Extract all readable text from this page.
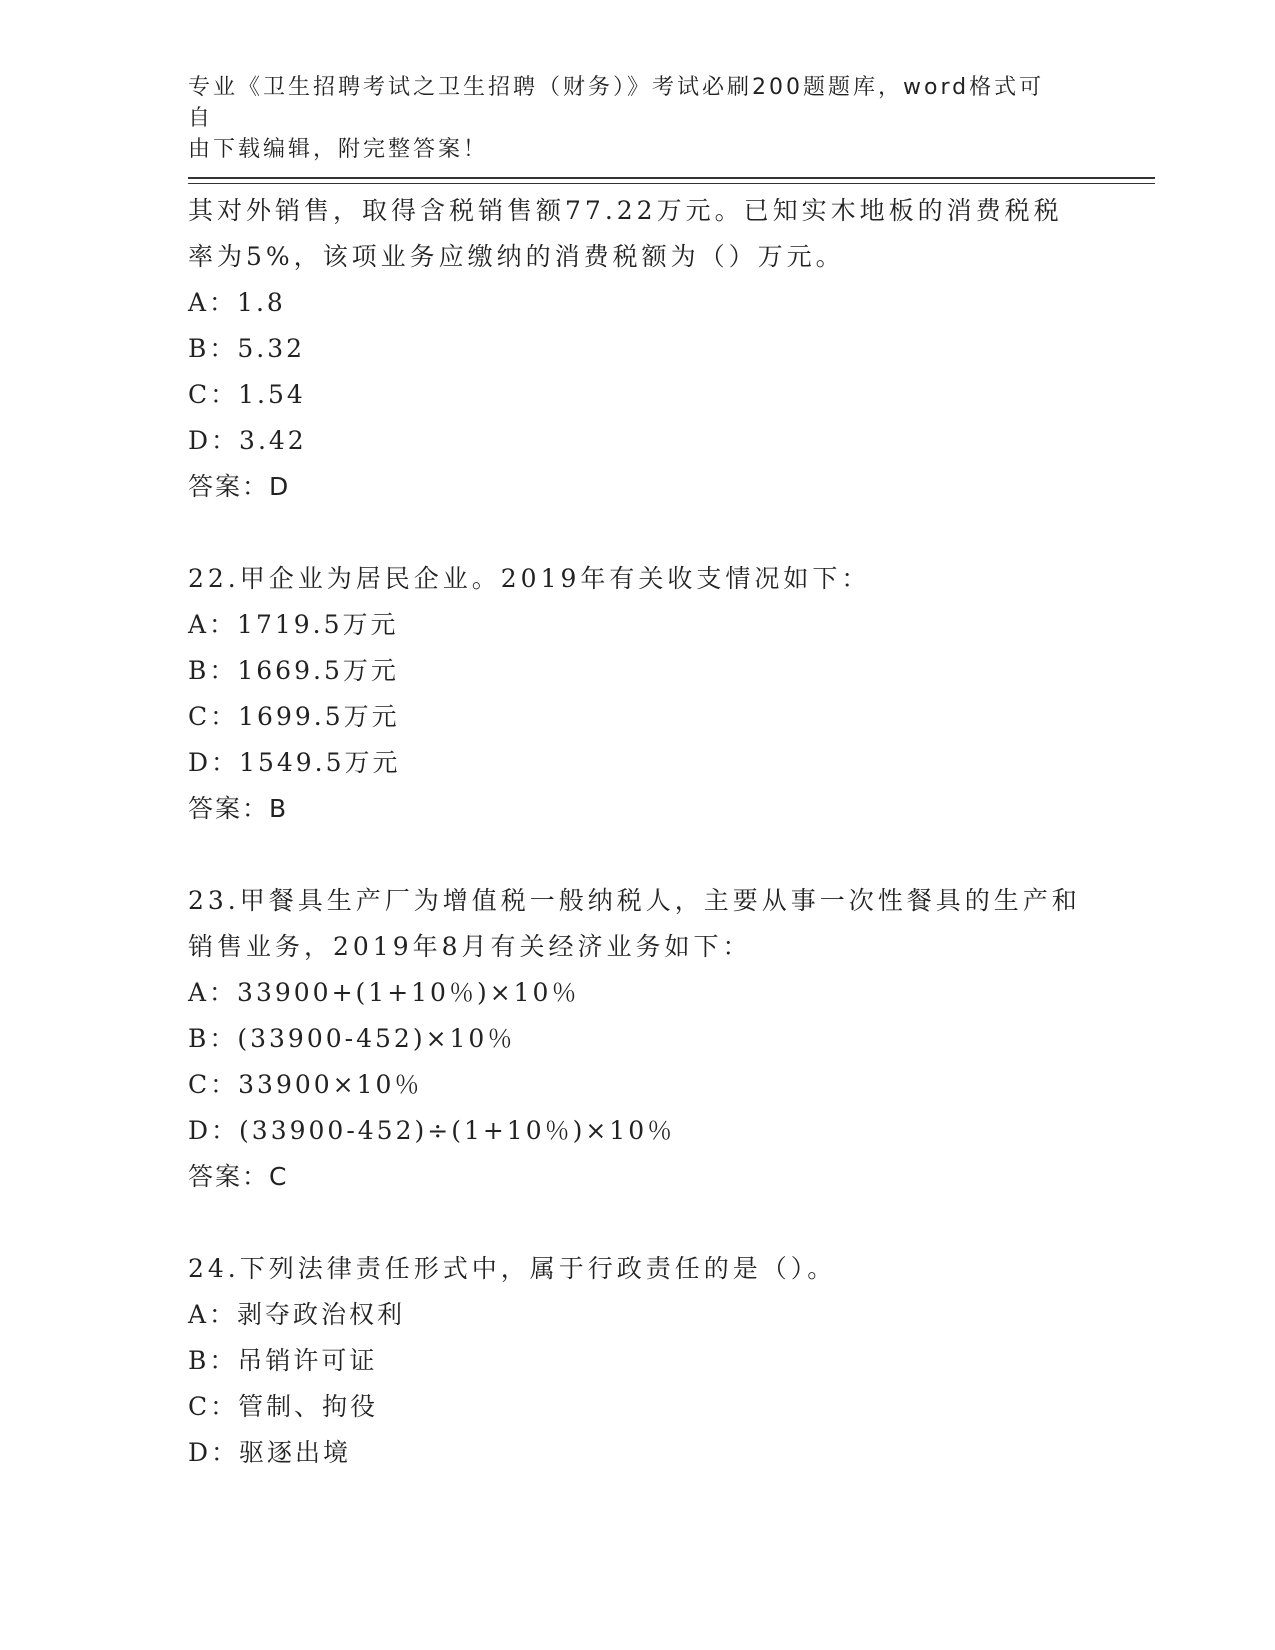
专业《卫生招聘考试之卫生招聘（财务）》考试必刷200题题库，word格式可自
由下载编辑，附完整答案！
其对外销售，取得含税销售额77.22万元。已知实木地板的消费税税
率为5%，该项业务应缴纳的消费税额为（）万元。
A：1.8
B：5.32
C：1.54
D：3.42
答案：D
22.甲企业为居民企业。2019年有关收支情况如下：
A：1719.5万元
B：1669.5万元
C：1699.5万元
D：1549.5万元
答案：B
23.甲餐具生产厂为增值税一般纳税人，主要从事一次性餐具的生产和
销售业务，2019年8月有关经济业务如下：
A：33900+(1+10％)×10％
B：(33900-452)×10％
C：33900×10％
D：(33900-452)÷(1+10％)×10％
答案：C
24.下列法律责任形式中，属于行政责任的是（）。
A：剥夺政治权利
B：吊销许可证
C：管制、拘役
D：驱逐出境
